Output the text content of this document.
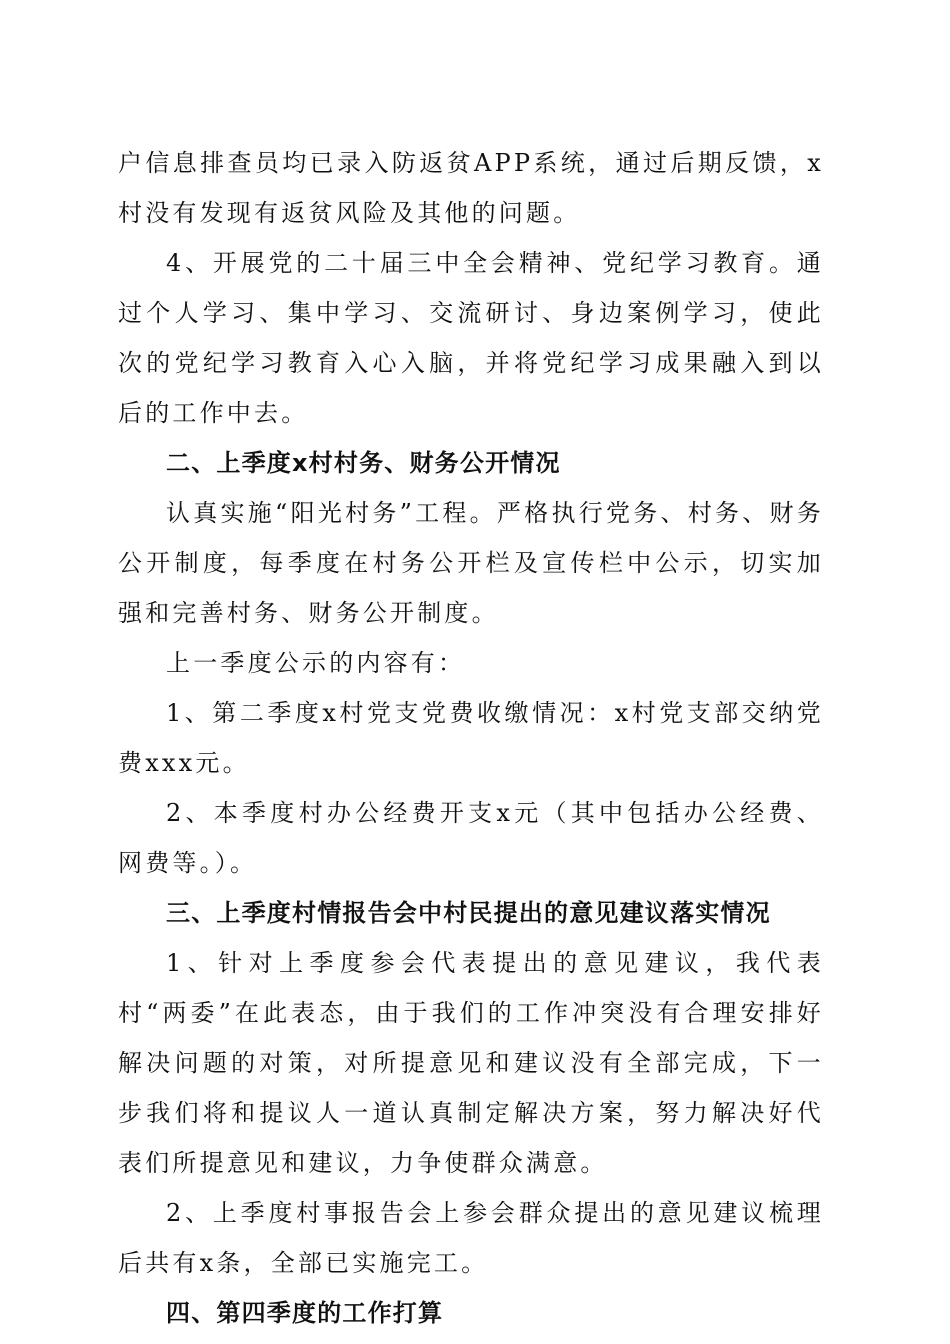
户信息排查员均已录入防返贫APP系统，通过后期反馈，x村没有发现有返贫风险及其他的问题。

4、开展党的二十届三中全会精神、党纪学习教育。通过个人学习、集中学习、交流研讨、身边案例学习，使此次的党纪学习教育入心入脑，并将党纪学习成果融入到以后的工作中去。

二、上季度x村村务、财务公开情况

认真实施“阳光村务”工程。严格执行党务、村务、财务公开制度，每季度在村务公开栏及宣传栏中公示，切实加强和完善村务、财务公开制度。

上一季度公示的内容有：

1、第二季度x村党支党费收缴情况：x村党支部交纳党费xxx元。

2、本季度村办公经费开支x元（其中包括办公经费、网费等。）。

三、上季度村情报告会中村民提出的意见建议落实情况

1、针对上季度参会代表提出的意见建议，我代表村“两委”在此表态，由于我们的工作冲突没有合理安排好解决问题的对策，对所提意见和建议没有全部完成，下一步我们将和提议人一道认真制定解决方案，努力解决好代表们所提意见和建议，力争使群众满意。

2、上季度村事报告会上参会群众提出的意见建议梳理后共有x条，全部已实施完工。

四、第四季度的工作打算
